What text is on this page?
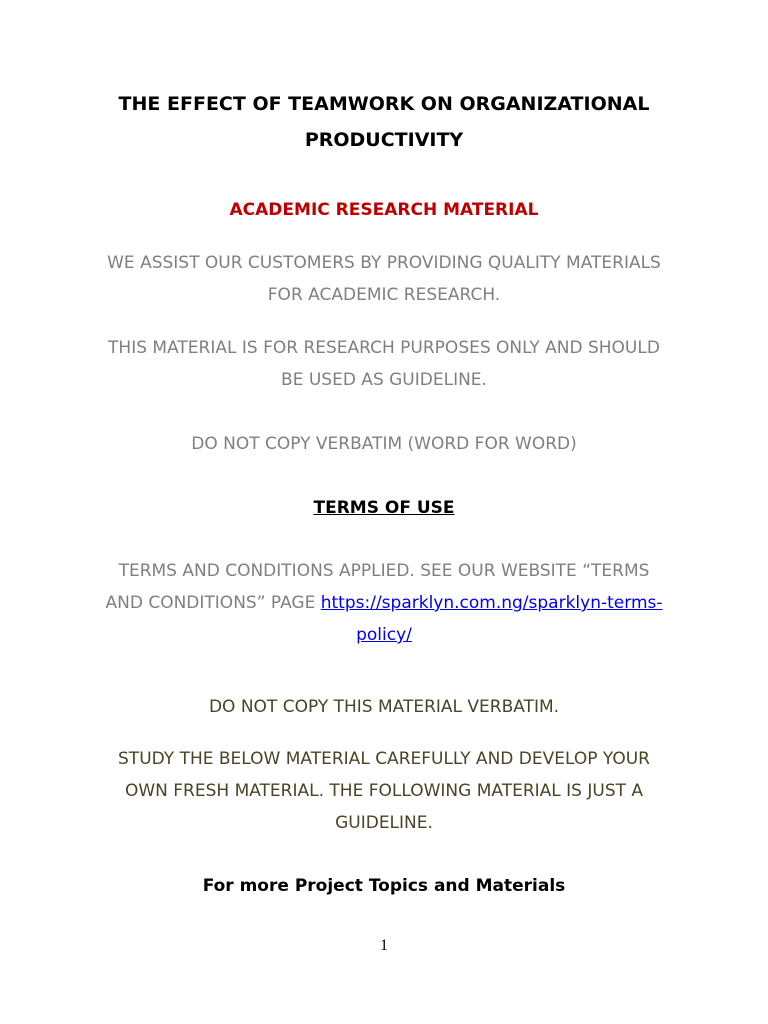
THE EFFECT OF TEAMWORK ON ORGANIZATIONAL
PRODUCTIVITY
ACADEMIC RESEARCH MATERIAL
WE ASSIST OUR CUSTOMERS BY PROVIDING QUALITY MATERIALS
FOR ACADEMIC RESEARCH.
THIS MATERIAL IS FOR RESEARCH PURPOSES ONLY AND SHOULD
BE USED AS GUIDELINE.
DO NOT COPY VERBATIM (WORD FOR WORD)
TERMS OF USE
TERMS AND CONDITIONS APPLIED. SEE OUR WEBSITE “TERMS
AND CONDITIONS” PAGE https://sparklyn.com.ng/sparklyn-terms-
policy/
DO NOT COPY THIS MATERIAL VERBATIM.
STUDY THE BELOW MATERIAL CAREFULLY AND DEVELOP YOUR
OWN FRESH MATERIAL. THE FOLLOWING MATERIAL IS JUST A
GUIDELINE.
For more Project Topics and Materials
1
